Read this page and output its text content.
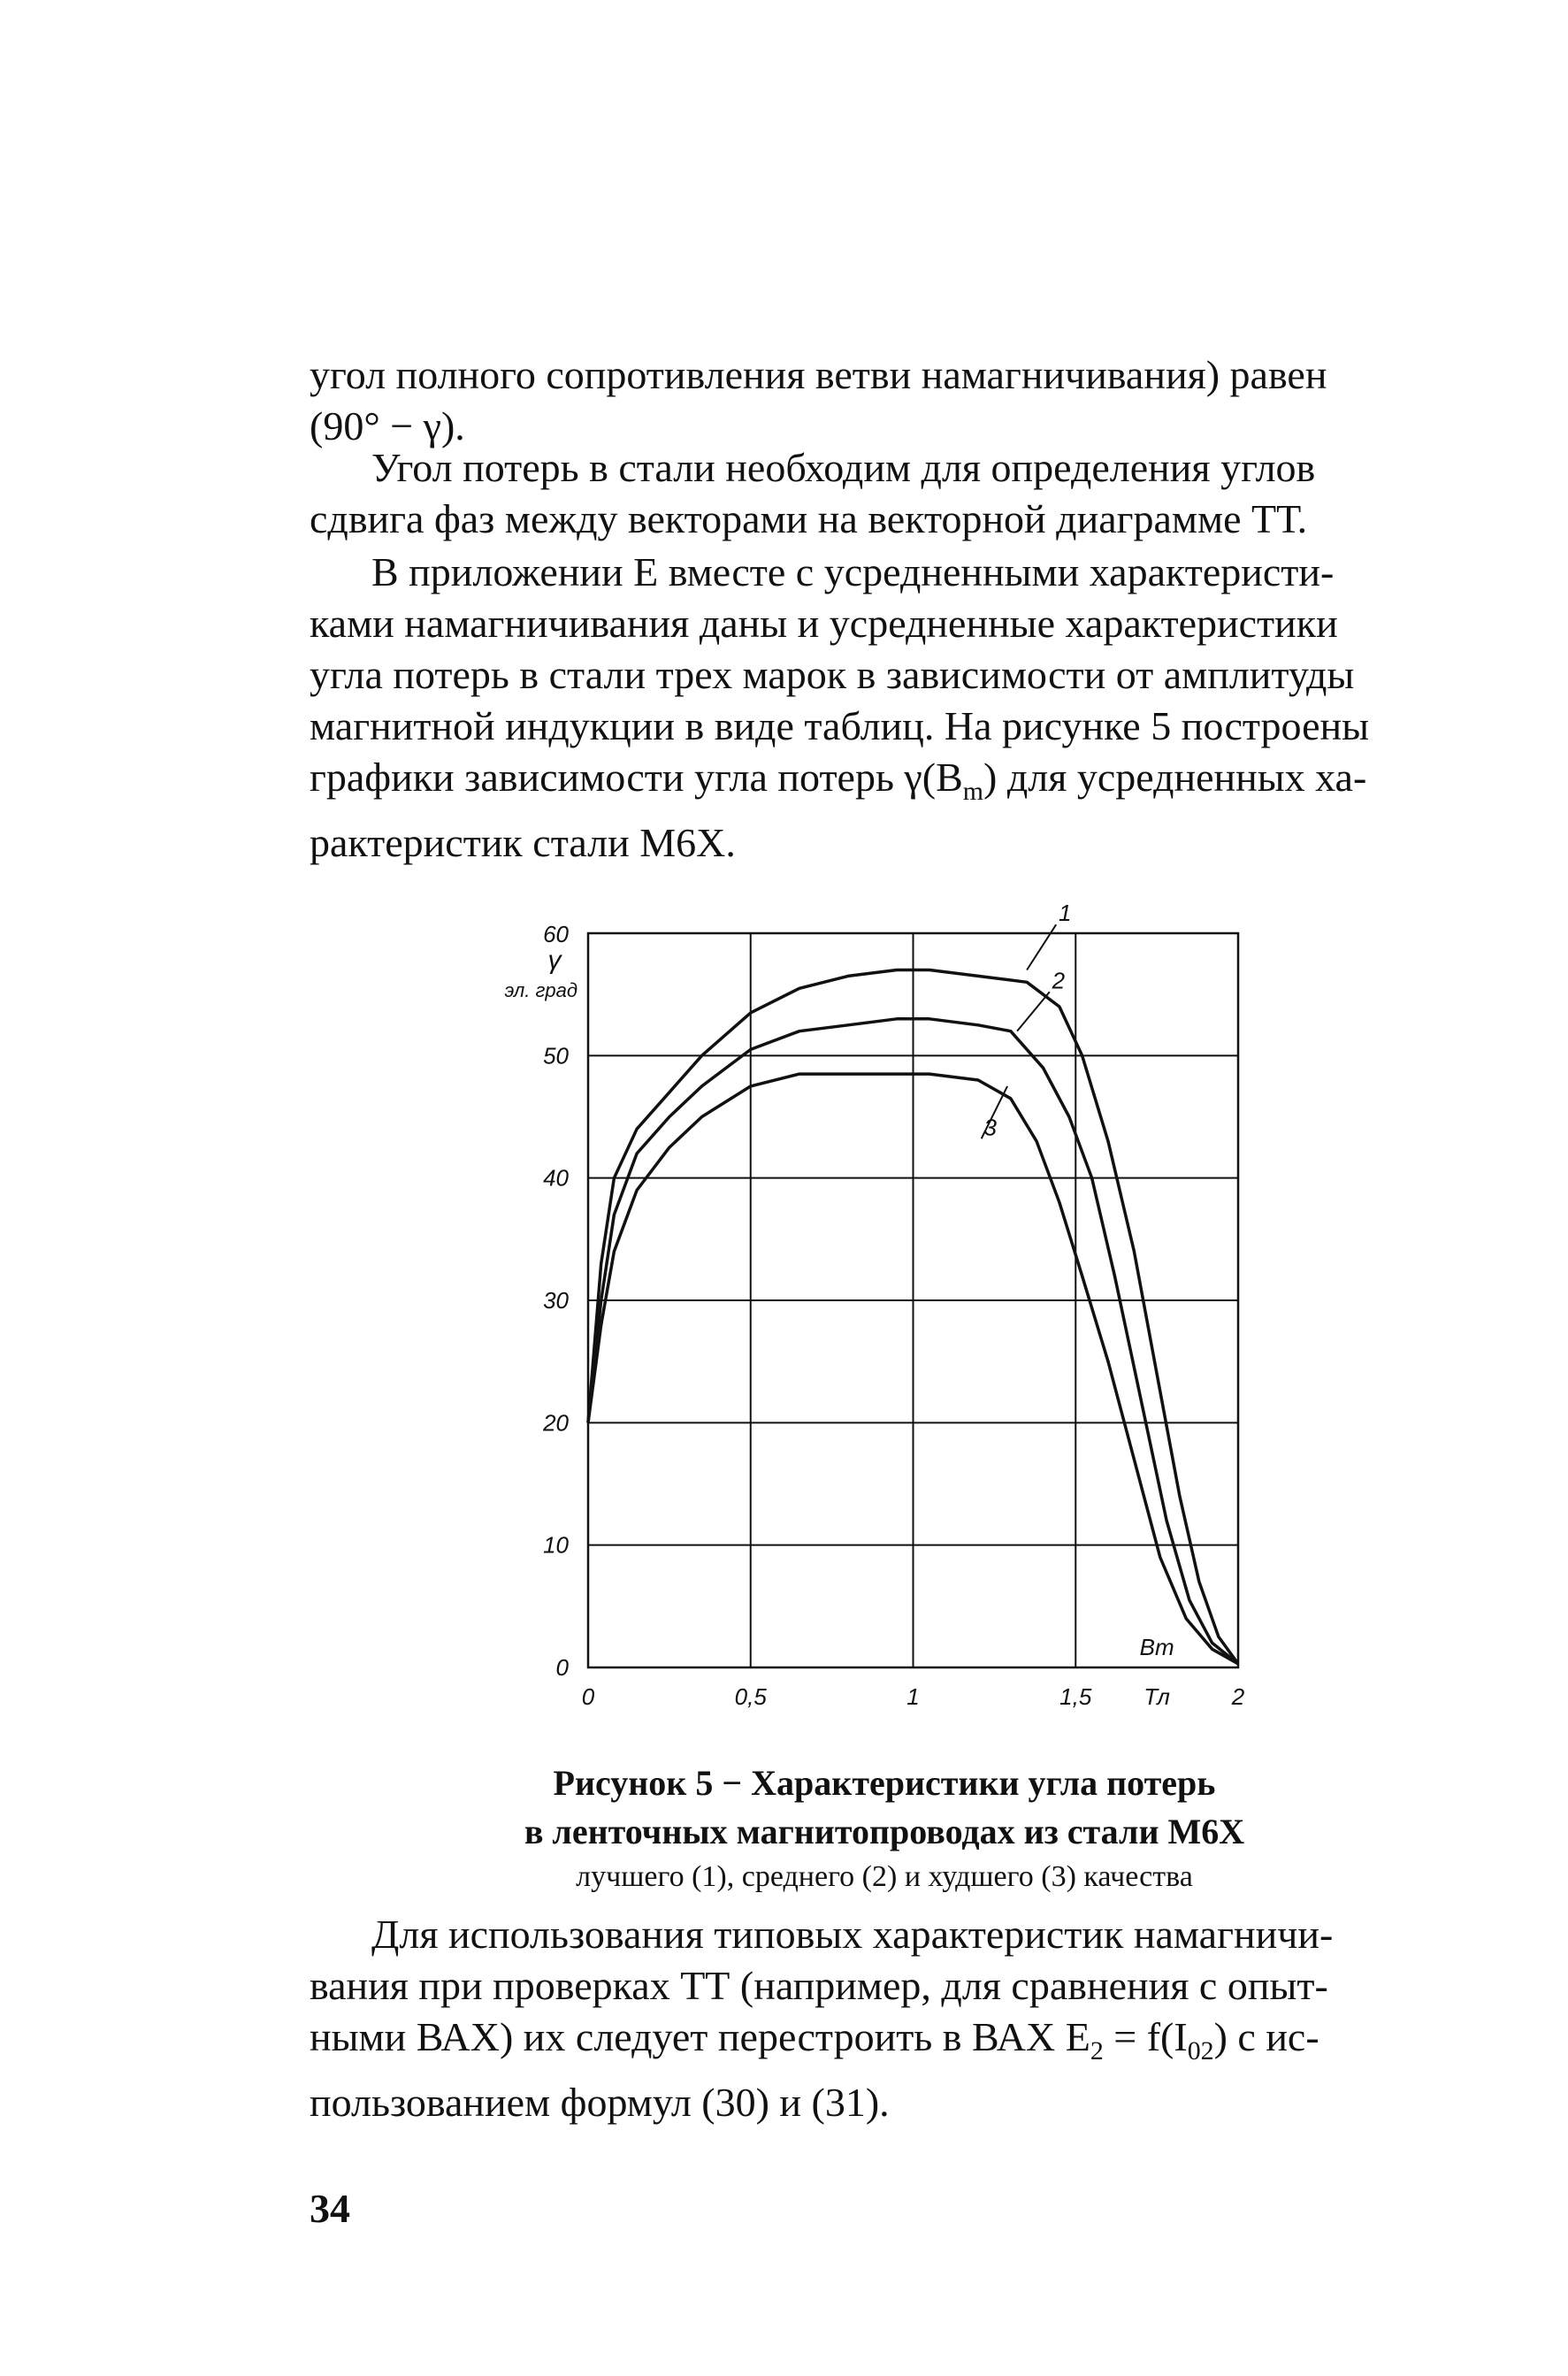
угол полного сопротивления ветви намагничивания) равен
(90° − γ).
Угол потерь в стали необходим для определения углов
сдвига фаз между векторами на векторной диаграмме ТТ.
В приложении Е вместе с усредненными характеристи-
ками намагничивания даны и усредненные характеристики
угла потерь в стали трех марок в зависимости от амплитуды
магнитной индукции в виде таблиц. На рисунке 5 построены
графики зависимости угла потерь $\gamma(B_m)$ для усредненных ха-
рактеристик стали М6Х.
0	0,5	1	1,5	2
0
10
20
30
40
50
60
γ
эл. град
Bm
Тл
1
2
3
Рисунок 5 − Характеристики угла потерь
в ленточных магнитопроводах из стали М6Х
лучшего (1), среднего (2) и худшего (3) качества
Для использования типовых характеристик намагничи-
вания при проверках ТТ (например, для сравнения с опыт-
ными ВАХ) их следует перестроить в ВАХ $E_2 = f(I_{02})$ с ис-
пользованием формул (30) и (31).
34
